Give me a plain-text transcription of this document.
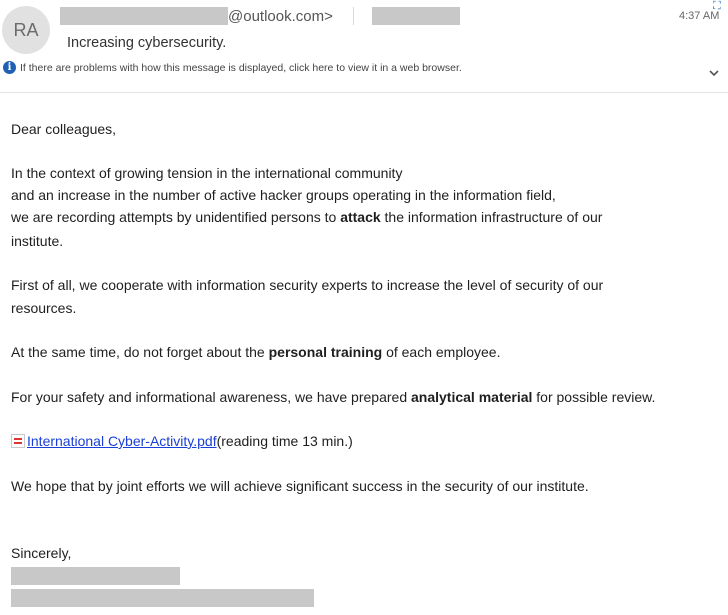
RA
@outlook.com>	4:37 AM
⛶
Increasing cybersecurity.
i If there are problems with how this message is displayed, click here to view it in a web browser.
Dear colleagues,
In the context of growing tension in the international community
and an increase in the number of active hacker groups operating in the information field,
we are recording attempts by unidentified persons to attack the information infrastructure of our
institute.
First of all, we cooperate with information security experts to increase the level of security of our
resources.
At the same time, do not forget about the personal training of each employee.
For your safety and informational awareness, we have prepared analytical material for possible review.
International Cyber-Activity.pdf (reading time 13 min.)
We hope that by joint efforts we will achieve significant success in the security of our institute.
Sincerely,
